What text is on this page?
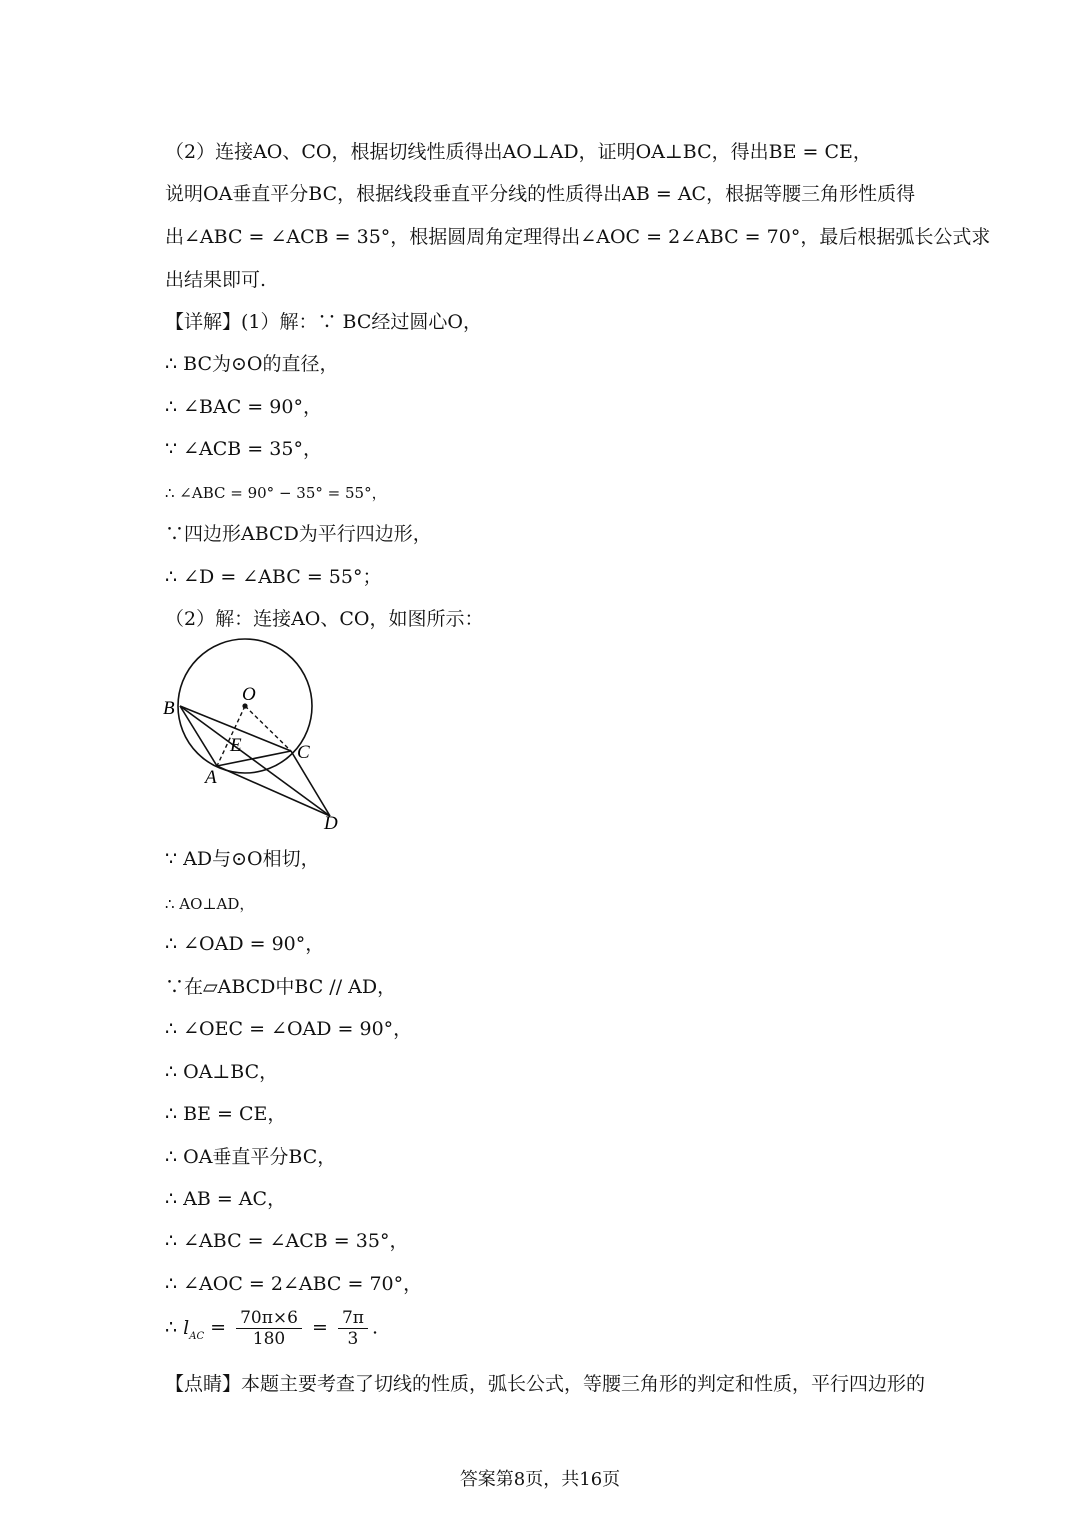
（2）连接AO、CO，根据切线性质得出AO⊥AD，证明OA⊥BC，得出BE = CE，
说明OA垂直平分BC，根据线段垂直平分线的性质得出AB = AC，根据等腰三角形性质得
出∠ABC = ∠ACB = 35°，根据圆周角定理得出∠AOC = 2∠ABC = 70°，最后根据弧长公式求
出结果即可.
【详解】(1）解：∵ BC经过圆心O，
∴ BC为⊙O的直径，
∴ ∠BAC = 90°，
∵ ∠ACB = 35°，
∴ ∠ABC = 90° − 35° = 55°，
∵四边形ABCD为平行四边形，
∴ ∠D = ∠ABC = 55°；
（2）解：连接AO、CO，如图所示：
O
B
E	C
A
D
∵ AD与⊙O相切，
∴ AO⊥AD，
∴ ∠OAD = 90°，
∵在▱ABCD中BC // AD，
∴ ∠OEC = ∠OAD = 90°，
∴ OA⊥BC，
∴ BE = CE，
∴ OA垂直平分BC，
∴ AB = AC，
∴ ∠ABC = ∠ACB = 35°，
∴ ∠AOC = 2∠ABC = 70°，
∴ $l_{AC} = \frac{70\pi\times 6}{180} = \frac{7\pi}{3}$ .
【点睛】本题主要考查了切线的性质，弧长公式，等腰三角形的判定和性质，平行四边形的
答案第8页，共16页
